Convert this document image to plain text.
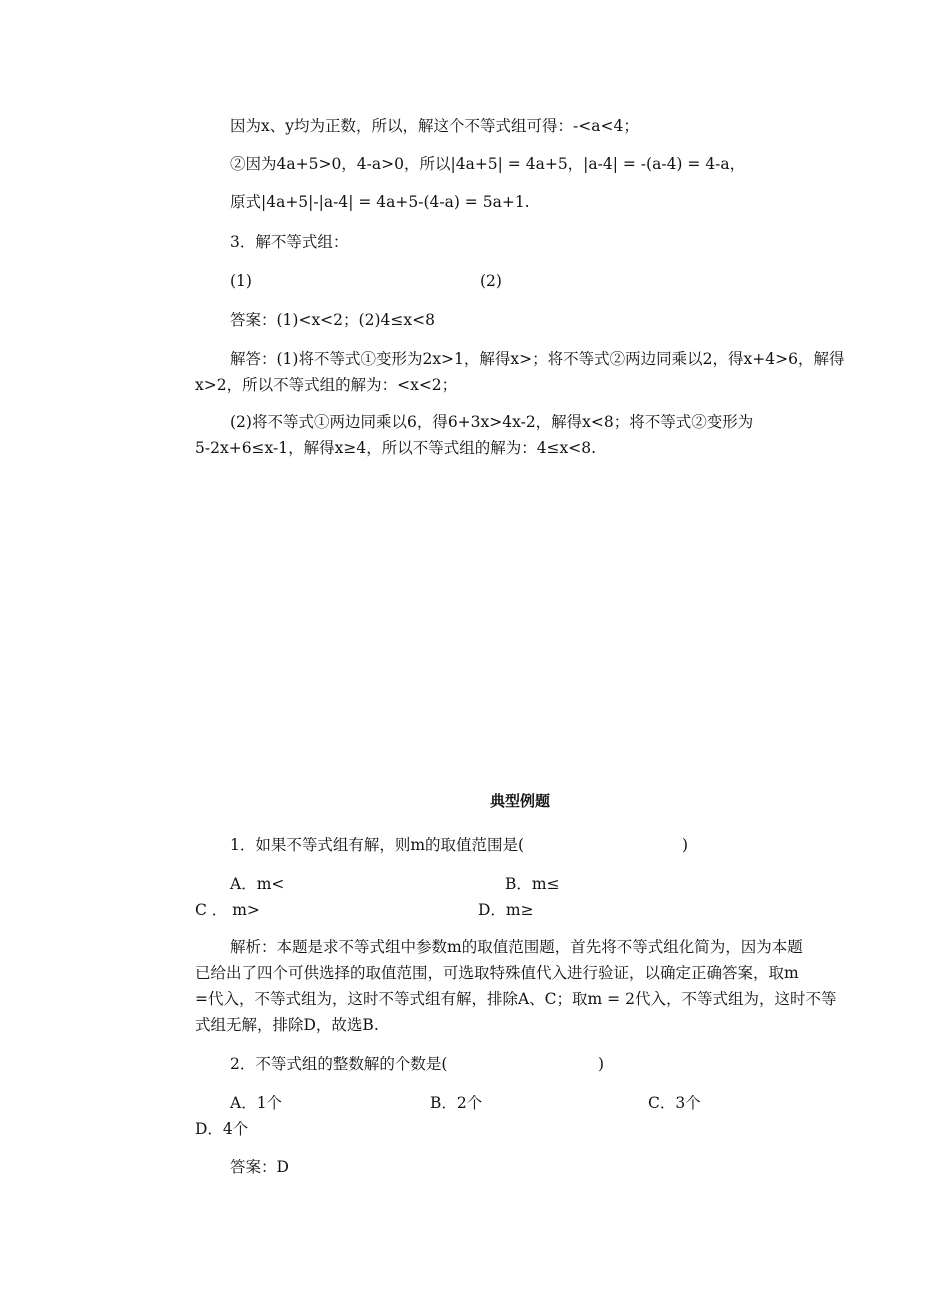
因为x、y均为正数，所以，解这个不等式组可得：-<a<4；
②因为4a+5>0，4-a>0，所以|4a+5| = 4a+5，|a-4| = -(a-4) = 4-a，
原式|4a+5|-|a-4| = 4a+5-(4-a) = 5a+1.
3．解不等式组：
(1)	(2)
答案：(1)<x<2；(2)4≤x<8
解答：(1)将不等式①变形为2x>1，解得x>；将不等式②两边同乘以2，得x+4>6，解得
x>2，所以不等式组的解为：<x<2；
(2)将不等式①两边同乘以6，得6+3x>4x-2，解得x<8；将不等式②变形为
5-2x+6≤x-1，解得x≥4，所以不等式组的解为：4≤x<8.
典型例题
1．如果不等式组有解，则m的取值范围是(	)
A．m<	B．m≤
C ． m>	D．m≥
解析：本题是求不等式组中参数m的取值范围题，首先将不等式组化简为，因为本题
已给出了四个可供选择的取值范围，可选取特殊值代入进行验证，以确定正确答案，取m
=代入，不等式组为，这时不等式组有解，排除A、C；取m = 2代入，不等式组为，这时不等
式组无解，排除D，故选B.
2．不等式组的整数解的个数是(	)
A．1个	B．2个	C．3个
D．4个
答案：D
